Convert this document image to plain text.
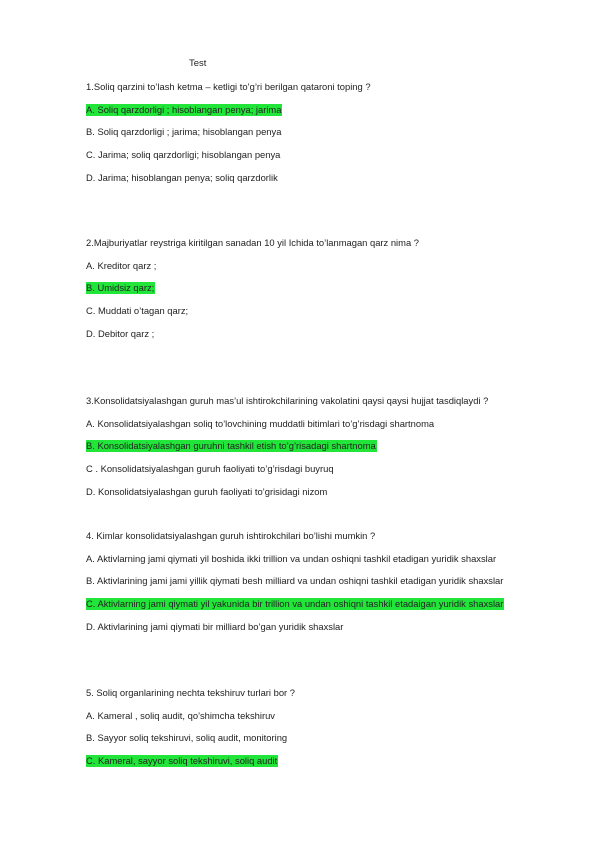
Test
1.Soliq qarzini to’lash ketma – ketligi to’g’ri berilgan qataroni toping ?
A. Soliq qarzdorligi ; hisoblangan penya; jarima
B. Soliq qarzdorligi ; jarima; hisoblangan penya
C. Jarima; soliq qarzdorligi; hisoblangan penya
D. Jarima; hisoblangan penya; soliq qarzdorlik
2.Majburiyatlar reystriga kiritilgan sanadan 10 yil Ichida to’lanmagan qarz nima ?
A. Kreditor qarz ;
B. Umidsiz qarz;
C. Muddati o’tagan qarz;
D. Debitor qarz ;
3.Konsolidatsiyalashgan guruh mas’ul ishtirokchilarining vakolatini qaysi qaysi hujjat tasdiqlaydi ?
A. Konsolidatsiyalashgan soliq to’lovchining muddatli bitimlari to’g’risdagi shartnoma
B. Konsolidatsiyalashgan guruhni tashkil etish to’g’risadagi shartnoma
C . Konsolidatsiyalashgan guruh faoliyati to’g’risdagi buyruq
D. Konsolidatsiyalashgan guruh faoliyati to’grisidagi nizom
4. Kimlar konsolidatsiyalashgan guruh ishtirokchilari bo’lishi mumkin ?
A. Aktivlarning jami qiymati yil boshida ikki trillion va undan oshiqni tashkil etadigan yuridik shaxslar
B. Aktivlarining jami jami yillik qiymati besh milliard va undan oshiqni tashkil etadigan yuridik shaxslar
C. Aktivlarning jami qiymati yil yakunida bir trillion va undan oshiqni tashkil etadaigan yuridik shaxslar
D. Aktivlarining jami qiymati bir milliard bo’gan yuridik shaxslar
5. Soliq organlarining nechta tekshiruv turlari bor ?
A. Kameral , soliq audit, qo’shimcha tekshiruv
B. Sayyor soliq tekshiruvi, soliq audit, monitoring
C. Kameral, sayyor soliq tekshiruvi, soliq audit
